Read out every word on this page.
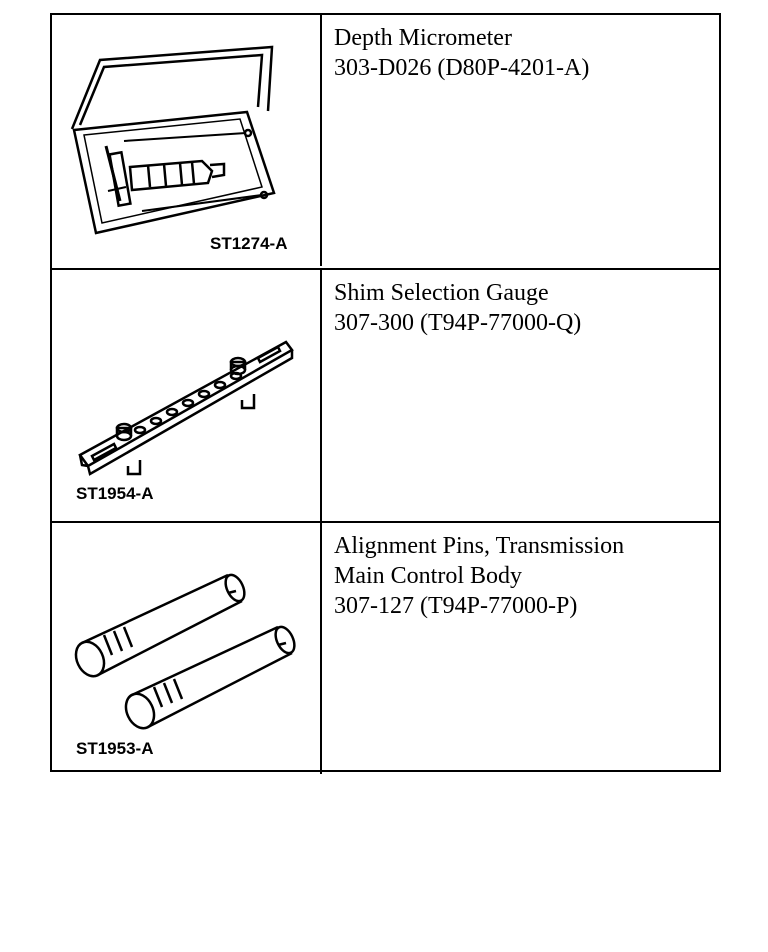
ST1274-A
Depth Micrometer
303-D026 (D80P-4201-A)
ST1954-A
Shim Selection Gauge
307-300 (T94P-77000-Q)
ST1953-A
Alignment Pins, Transmission
Main Control Body
307-127 (T94P-77000-P)
